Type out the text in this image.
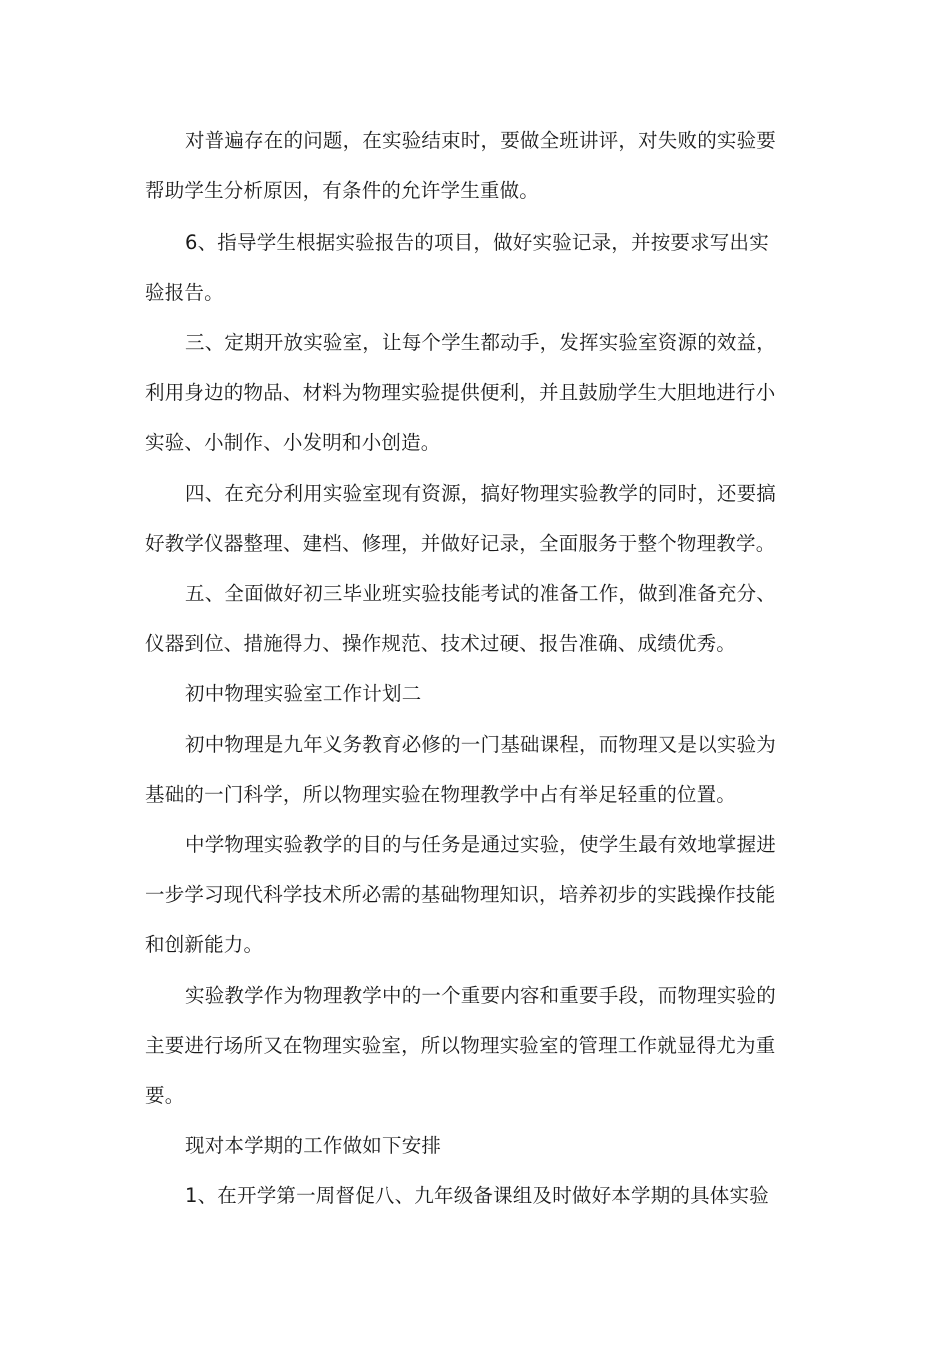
对普遍存在的问题，在实验结束时，要做全班讲评，对失败的实验要
帮助学生分析原因，有条件的允许学生重做。
6、指导学生根据实验报告的项目，做好实验记录，并按要求写出实
验报告。
三、定期开放实验室，让每个学生都动手，发挥实验室资源的效益，
利用身边的物品、材料为物理实验提供便利，并且鼓励学生大胆地进行小
实验、小制作、小发明和小创造。
四、在充分利用实验室现有资源，搞好物理实验教学的同时，还要搞
好教学仪器整理、建档、修理，并做好记录，全面服务于整个物理教学。
五、全面做好初三毕业班实验技能考试的准备工作，做到准备充分、
仪器到位、措施得力、操作规范、技术过硬、报告准确、成绩优秀。
初中物理实验室工作计划二
初中物理是九年义务教育必修的一门基础课程，而物理又是以实验为
基础的一门科学，所以物理实验在物理教学中占有举足轻重的位置。
中学物理实验教学的目的与任务是通过实验，使学生最有效地掌握进
一步学习现代科学技术所必需的基础物理知识，培养初步的实践操作技能
和创新能力。
实验教学作为物理教学中的一个重要内容和重要手段，而物理实验的
主要进行场所又在物理实验室，所以物理实验室的管理工作就显得尤为重
要。
现对本学期的工作做如下安排
1、在开学第一周督促八、九年级备课组及时做好本学期的具体实验
